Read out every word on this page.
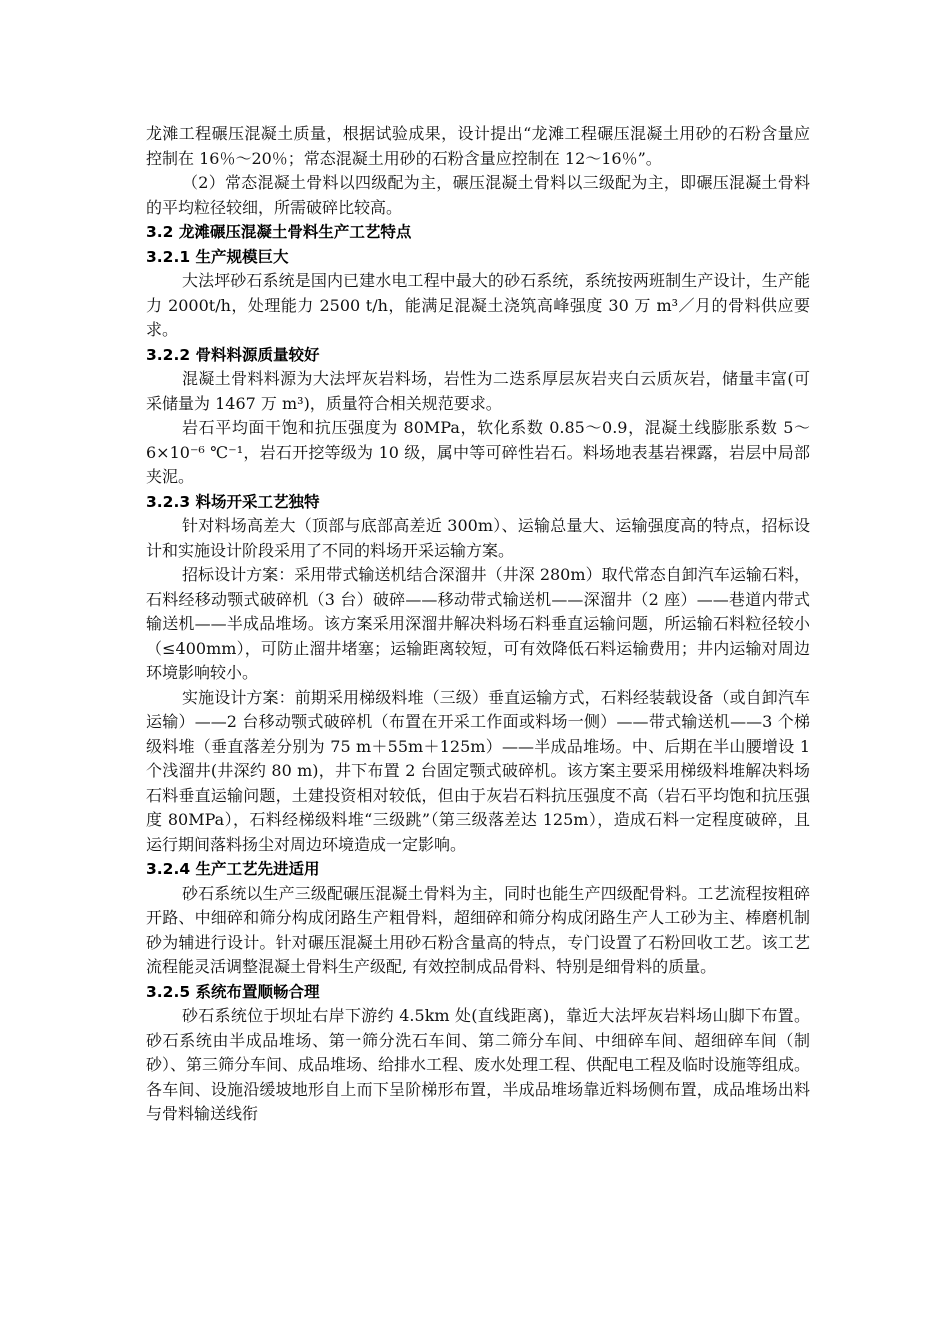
龙滩工程碾压混凝土质量，根据试验成果，设计提出“龙滩工程碾压混凝土用砂的石粉含量应控制在 16％～20％；常态混凝土用砂的石粉含量应控制在 12～16％”。

（2）常态混凝土骨料以四级配为主，碾压混凝土骨料以三级配为主，即碾压混凝土骨料的平均粒径较细，所需破碎比较高。

3.2 龙滩碾压混凝土骨料生产工艺特点
3.2.1 生产规模巨大

大法坪砂石系统是国内已建水电工程中最大的砂石系统，系统按两班制生产设计，生产能力 2000t/h，处理能力 2500 t/h，能满足混凝土浇筑高峰强度 30 万 m³／月的骨料供应要求。

3.2.2 骨料料源质量较好

混凝土骨料料源为大法坪灰岩料场，岩性为二迭系厚层灰岩夹白云质灰岩，储量丰富(可采储量为 1467 万 m³)，质量符合相关规范要求。

岩石平均面干饱和抗压强度为 80MPa，软化系数 0.85～0.9，混凝土线膨胀系数 5～6×10⁻⁶ ℃⁻¹，岩石开挖等级为 10 级，属中等可碎性岩石。料场地表基岩裸露，岩层中局部夹泥。

3.2.3 料场开采工艺独特

针对料场高差大（顶部与底部高差近 300m）、运输总量大、运输强度高的特点，招标设计和实施设计阶段采用了不同的料场开采运输方案。

招标设计方案：采用带式输送机结合深溜井（井深 280m）取代常态自卸汽车运输石料，石料经移动颚式破碎机（3 台）破碎——移动带式输送机——深溜井（2 座）——巷道内带式输送机——半成品堆场。该方案采用深溜井解决料场石料垂直运输问题，所运输石料粒径较小（≤400mm），可防止溜井堵塞；运输距离较短，可有效降低石料运输费用；井内运输对周边环境影响较小。

实施设计方案：前期采用梯级料堆（三级）垂直运输方式，石料经装载设备（或自卸汽车运输）——2 台移动颚式破碎机（布置在开采工作面或料场一侧）——带式输送机——3 个梯级料堆（垂直落差分别为 75 m＋55m＋125m）——半成品堆场。中、后期在半山腰增设 1 个浅溜井(井深约 80 m)，井下布置 2 台固定颚式破碎机。该方案主要采用梯级料堆解决料场石料垂直运输问题，土建投资相对较低，但由于灰岩石料抗压强度不高（岩石平均饱和抗压强度 80MPa），石料经梯级料堆“三级跳”（第三级落差达 125m），造成石料一定程度破碎，且运行期间落料扬尘对周边环境造成一定影响。

3.2.4 生产工艺先进适用

砂石系统以生产三级配碾压混凝土骨料为主，同时也能生产四级配骨料。工艺流程按粗碎开路、中细碎和筛分构成闭路生产粗骨料，超细碎和筛分构成闭路生产人工砂为主、棒磨机制砂为辅进行设计。针对碾压混凝土用砂石粉含量高的特点，专门设置了石粉回收工艺。该工艺流程能灵活调整混凝土骨料生产级配, 有效控制成品骨料、特别是细骨料的质量。

3.2.5 系统布置顺畅合理

砂石系统位于坝址右岸下游约 4.5km 处(直线距离)，靠近大法坪灰岩料场山脚下布置。砂石系统由半成品堆场、第一筛分洗石车间、第二筛分车间、中细碎车间、超细碎车间（制砂）、第三筛分车间、成品堆场、给排水工程、废水处理工程、供配电工程及临时设施等组成。各车间、设施沿缓坡地形自上而下呈阶梯形布置，半成品堆场靠近料场侧布置，成品堆场出料与骨料输送线衔
